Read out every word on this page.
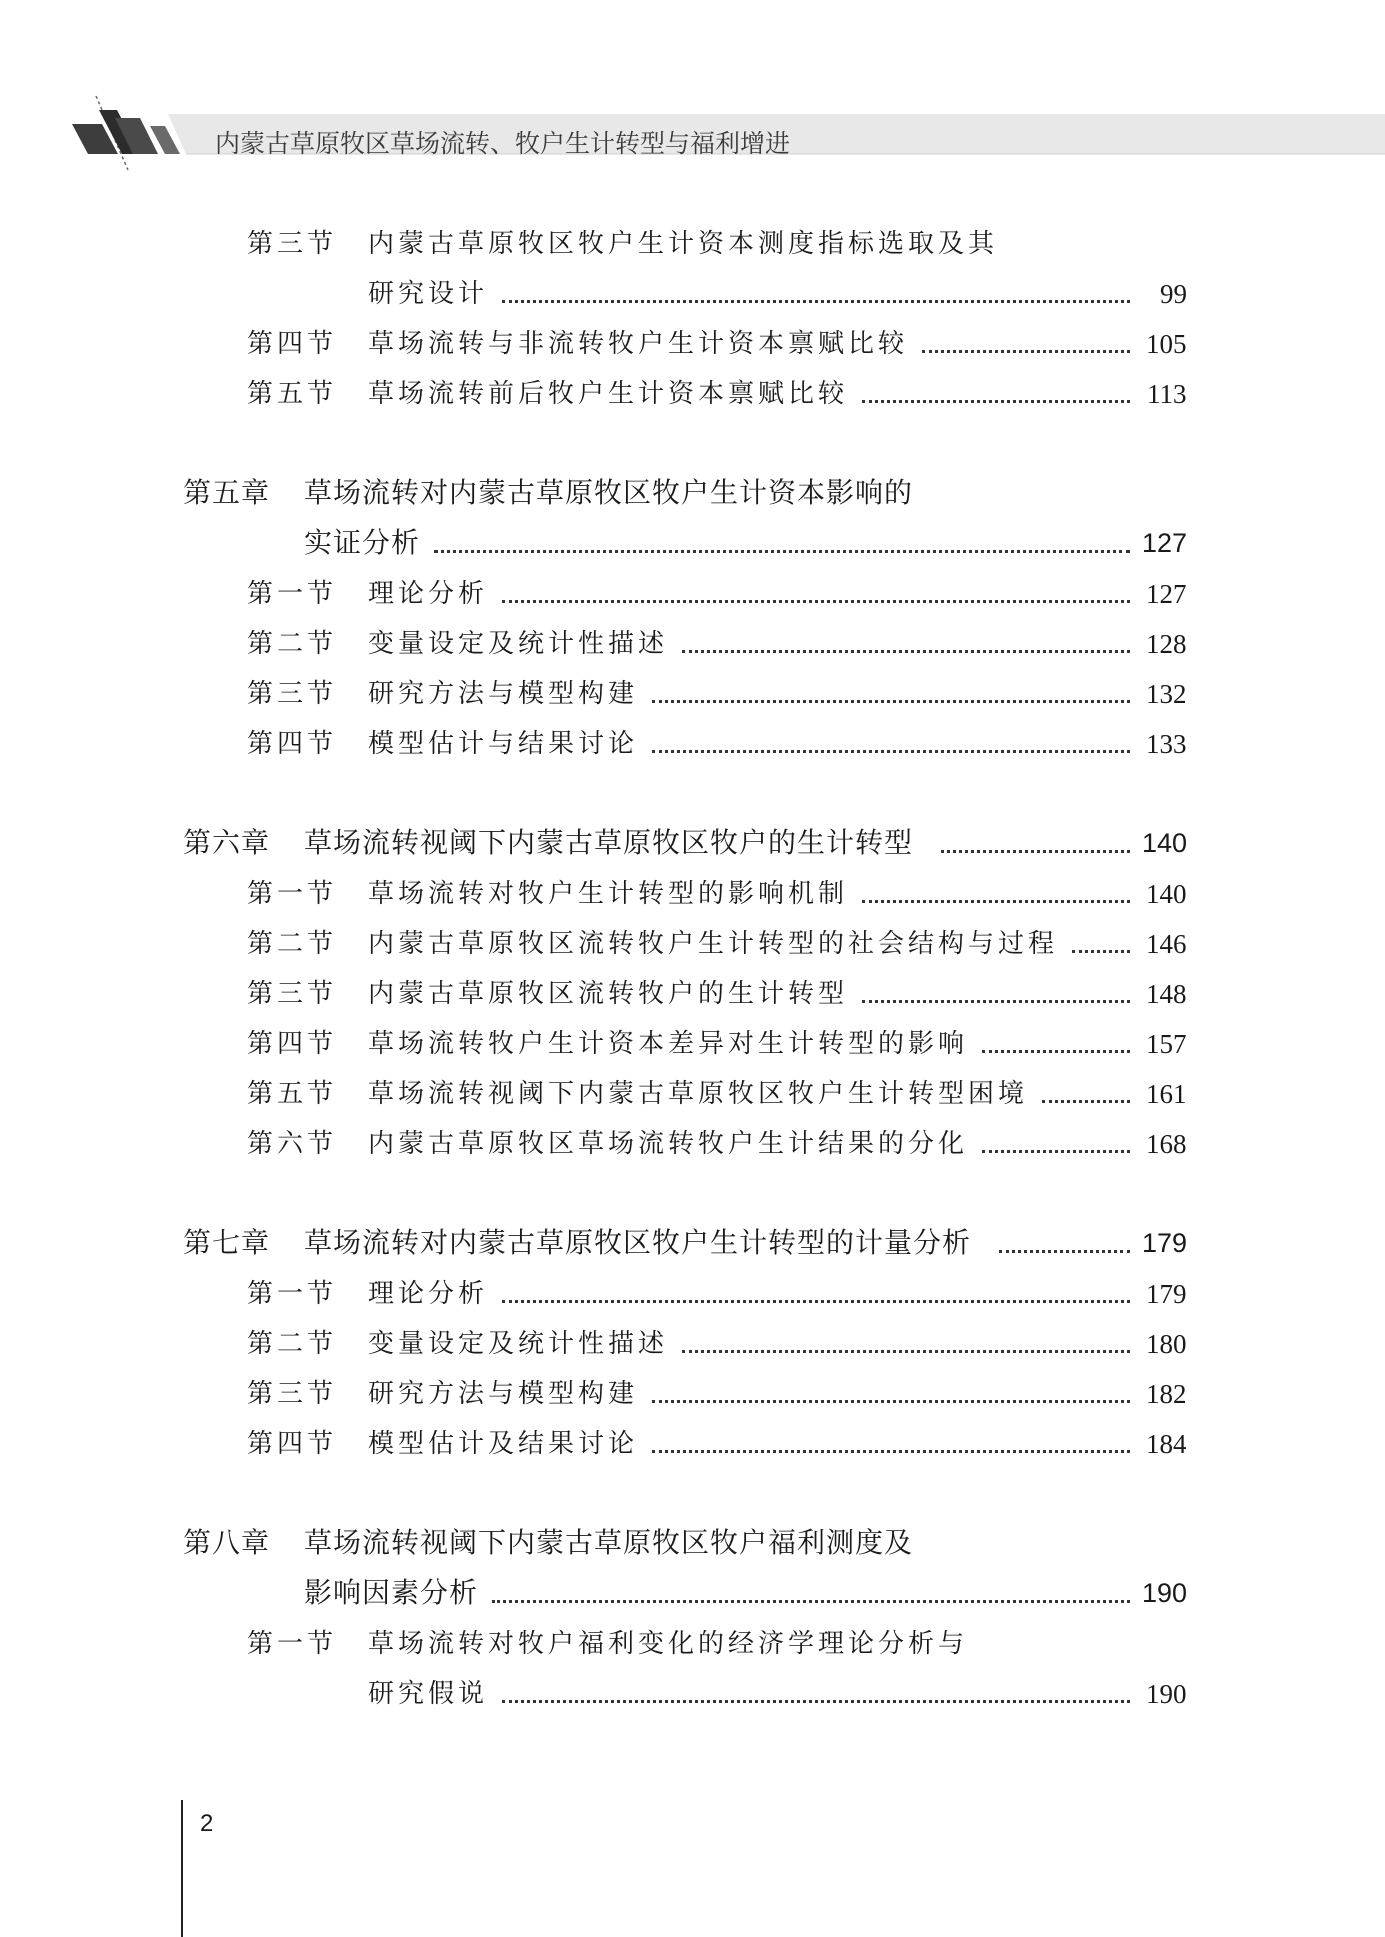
内蒙古草原牧区草场流转、牧户生计转型与福利增进
第三节 内蒙古草原牧区牧户生计资本测度指标选取及其
研究设计	99
第四节 草场流转与非流转牧户生计资本禀赋比较	105
第五节 草场流转前后牧户生计资本禀赋比较	113
第五章 草场流转对内蒙古草原牧区牧户生计资本影响的
实证分析	127
第一节 理论分析	127
第二节 变量设定及统计性描述	128
第三节 研究方法与模型构建	132
第四节 模型估计与结果讨论	133
第六章 草场流转视阈下内蒙古草原牧区牧户的生计转型	140
第一节 草场流转对牧户生计转型的影响机制	140
第二节 内蒙古草原牧区流转牧户生计转型的社会结构与过程	146
第三节 内蒙古草原牧区流转牧户的生计转型	148
第四节 草场流转牧户生计资本差异对生计转型的影响	157
第五节 草场流转视阈下内蒙古草原牧区牧户生计转型困境	161
第六节 内蒙古草原牧区草场流转牧户生计结果的分化	168
第七章 草场流转对内蒙古草原牧区牧户生计转型的计量分析	179
第一节 理论分析	179
第二节 变量设定及统计性描述	180
第三节 研究方法与模型构建	182
第四节 模型估计及结果讨论	184
第八章 草场流转视阈下内蒙古草原牧区牧户福利测度及
影响因素分析	190
第一节 草场流转对牧户福利变化的经济学理论分析与
研究假说	190
2
